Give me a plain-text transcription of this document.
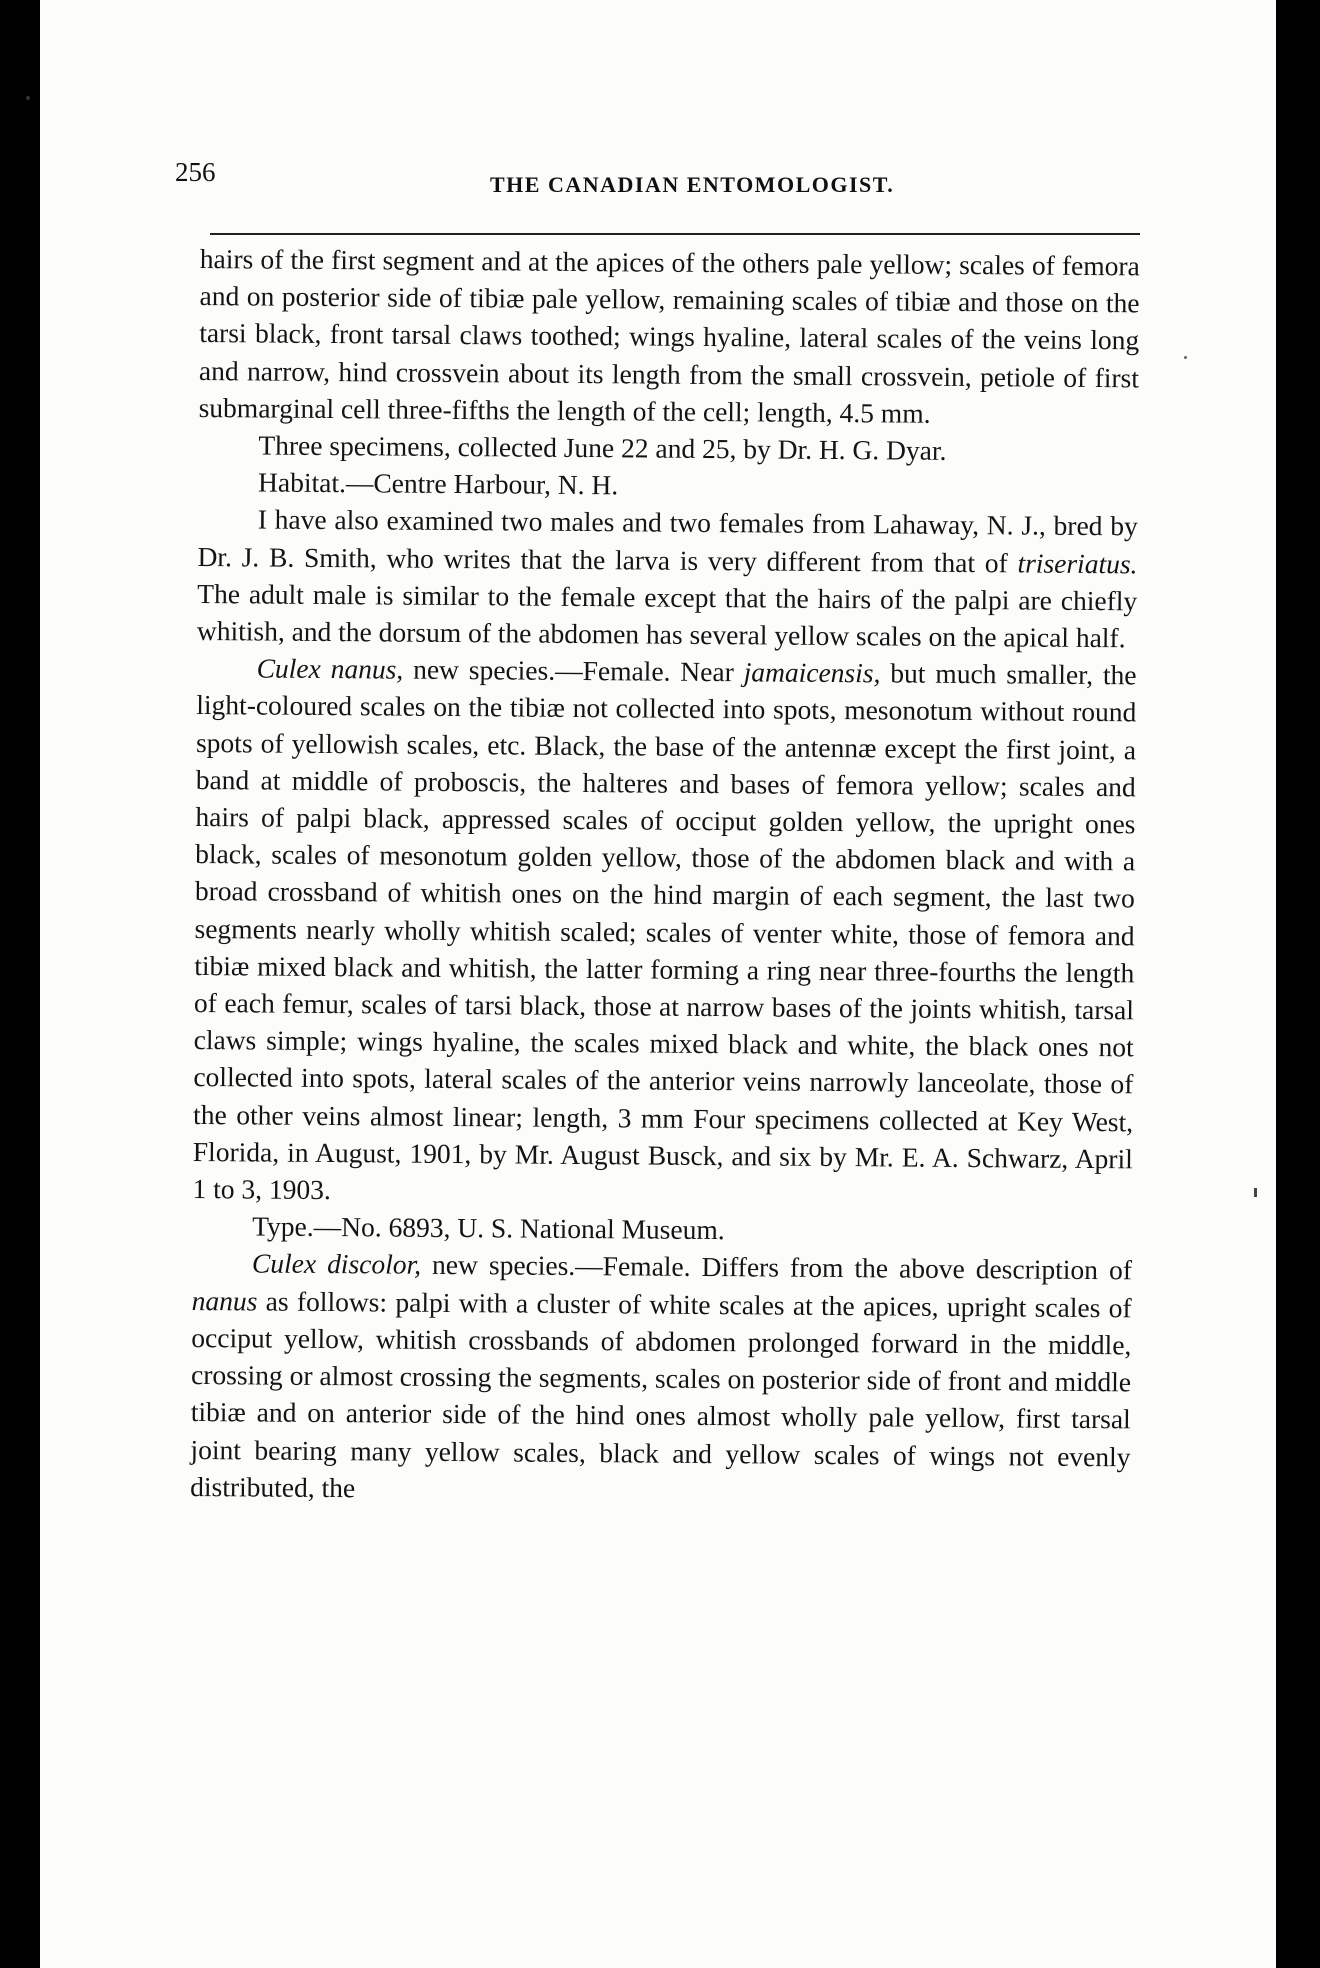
256	THE CANADIAN ENTOMOLOGIST.

hairs of the first segment and at the apices of the others pale yellow; scales of femora and on posterior side of tibiæ pale yellow, remaining scales of tibiæ and those on the tarsi black, front tarsal claws toothed; wings hyaline, lateral scales of the veins long and narrow, hind crossvein about its length from the small crossvein, petiole of first submarginal cell three-fifths the length of the cell; length, 4.5 mm.

Three specimens, collected June 22 and 25, by Dr. H. G. Dyar.

Habitat.—Centre Harbour, N. H.

I have also examined two males and two females from Lahaway, N. J., bred by Dr. J. B. Smith, who writes that the larva is very different from that of triseriatus. The adult male is similar to the female except that the hairs of the palpi are chiefly whitish, and the dorsum of the abdomen has several yellow scales on the apical half.

Culex nanus, new species.—Female. Near jamaicensis, but much smaller, the light-coloured scales on the tibiæ not collected into spots, mesonotum without round spots of yellowish scales, etc. Black, the base of the antennæ except the first joint, a band at middle of proboscis, the halteres and bases of femora yellow; scales and hairs of palpi black, appressed scales of occiput golden yellow, the upright ones black, scales of mesonotum golden yellow, those of the abdomen black and with a broad crossband of whitish ones on the hind margin of each segment, the last two segments nearly wholly whitish scaled; scales of venter white, those of femora and tibiæ mixed black and whitish, the latter forming a ring near three-fourths the length of each femur, scales of tarsi black, those at narrow bases of the joints whitish, tarsal claws simple; wings hyaline, the scales mixed black and white, the black ones not collected into spots, lateral scales of the anterior veins narrowly lanceolate, those of the other veins almost linear; length, 3 mm Four specimens collected at Key West, Florida, in August, 1901, by Mr. August Busck, and six by Mr. E. A. Schwarz, April 1 to 3, 1903.

Type.—No. 6893, U. S. National Museum.

Culex discolor, new species.—Female. Differs from the above description of nanus as follows: palpi with a cluster of white scales at the apices, upright scales of occiput yellow, whitish crossbands of abdomen prolonged forward in the middle, crossing or almost crossing the segments, scales on posterior side of front and middle tibiæ and on anterior side of the hind ones almost wholly pale yellow, first tarsal joint bearing many yellow scales, black and yellow scales of wings not evenly distributed, the
